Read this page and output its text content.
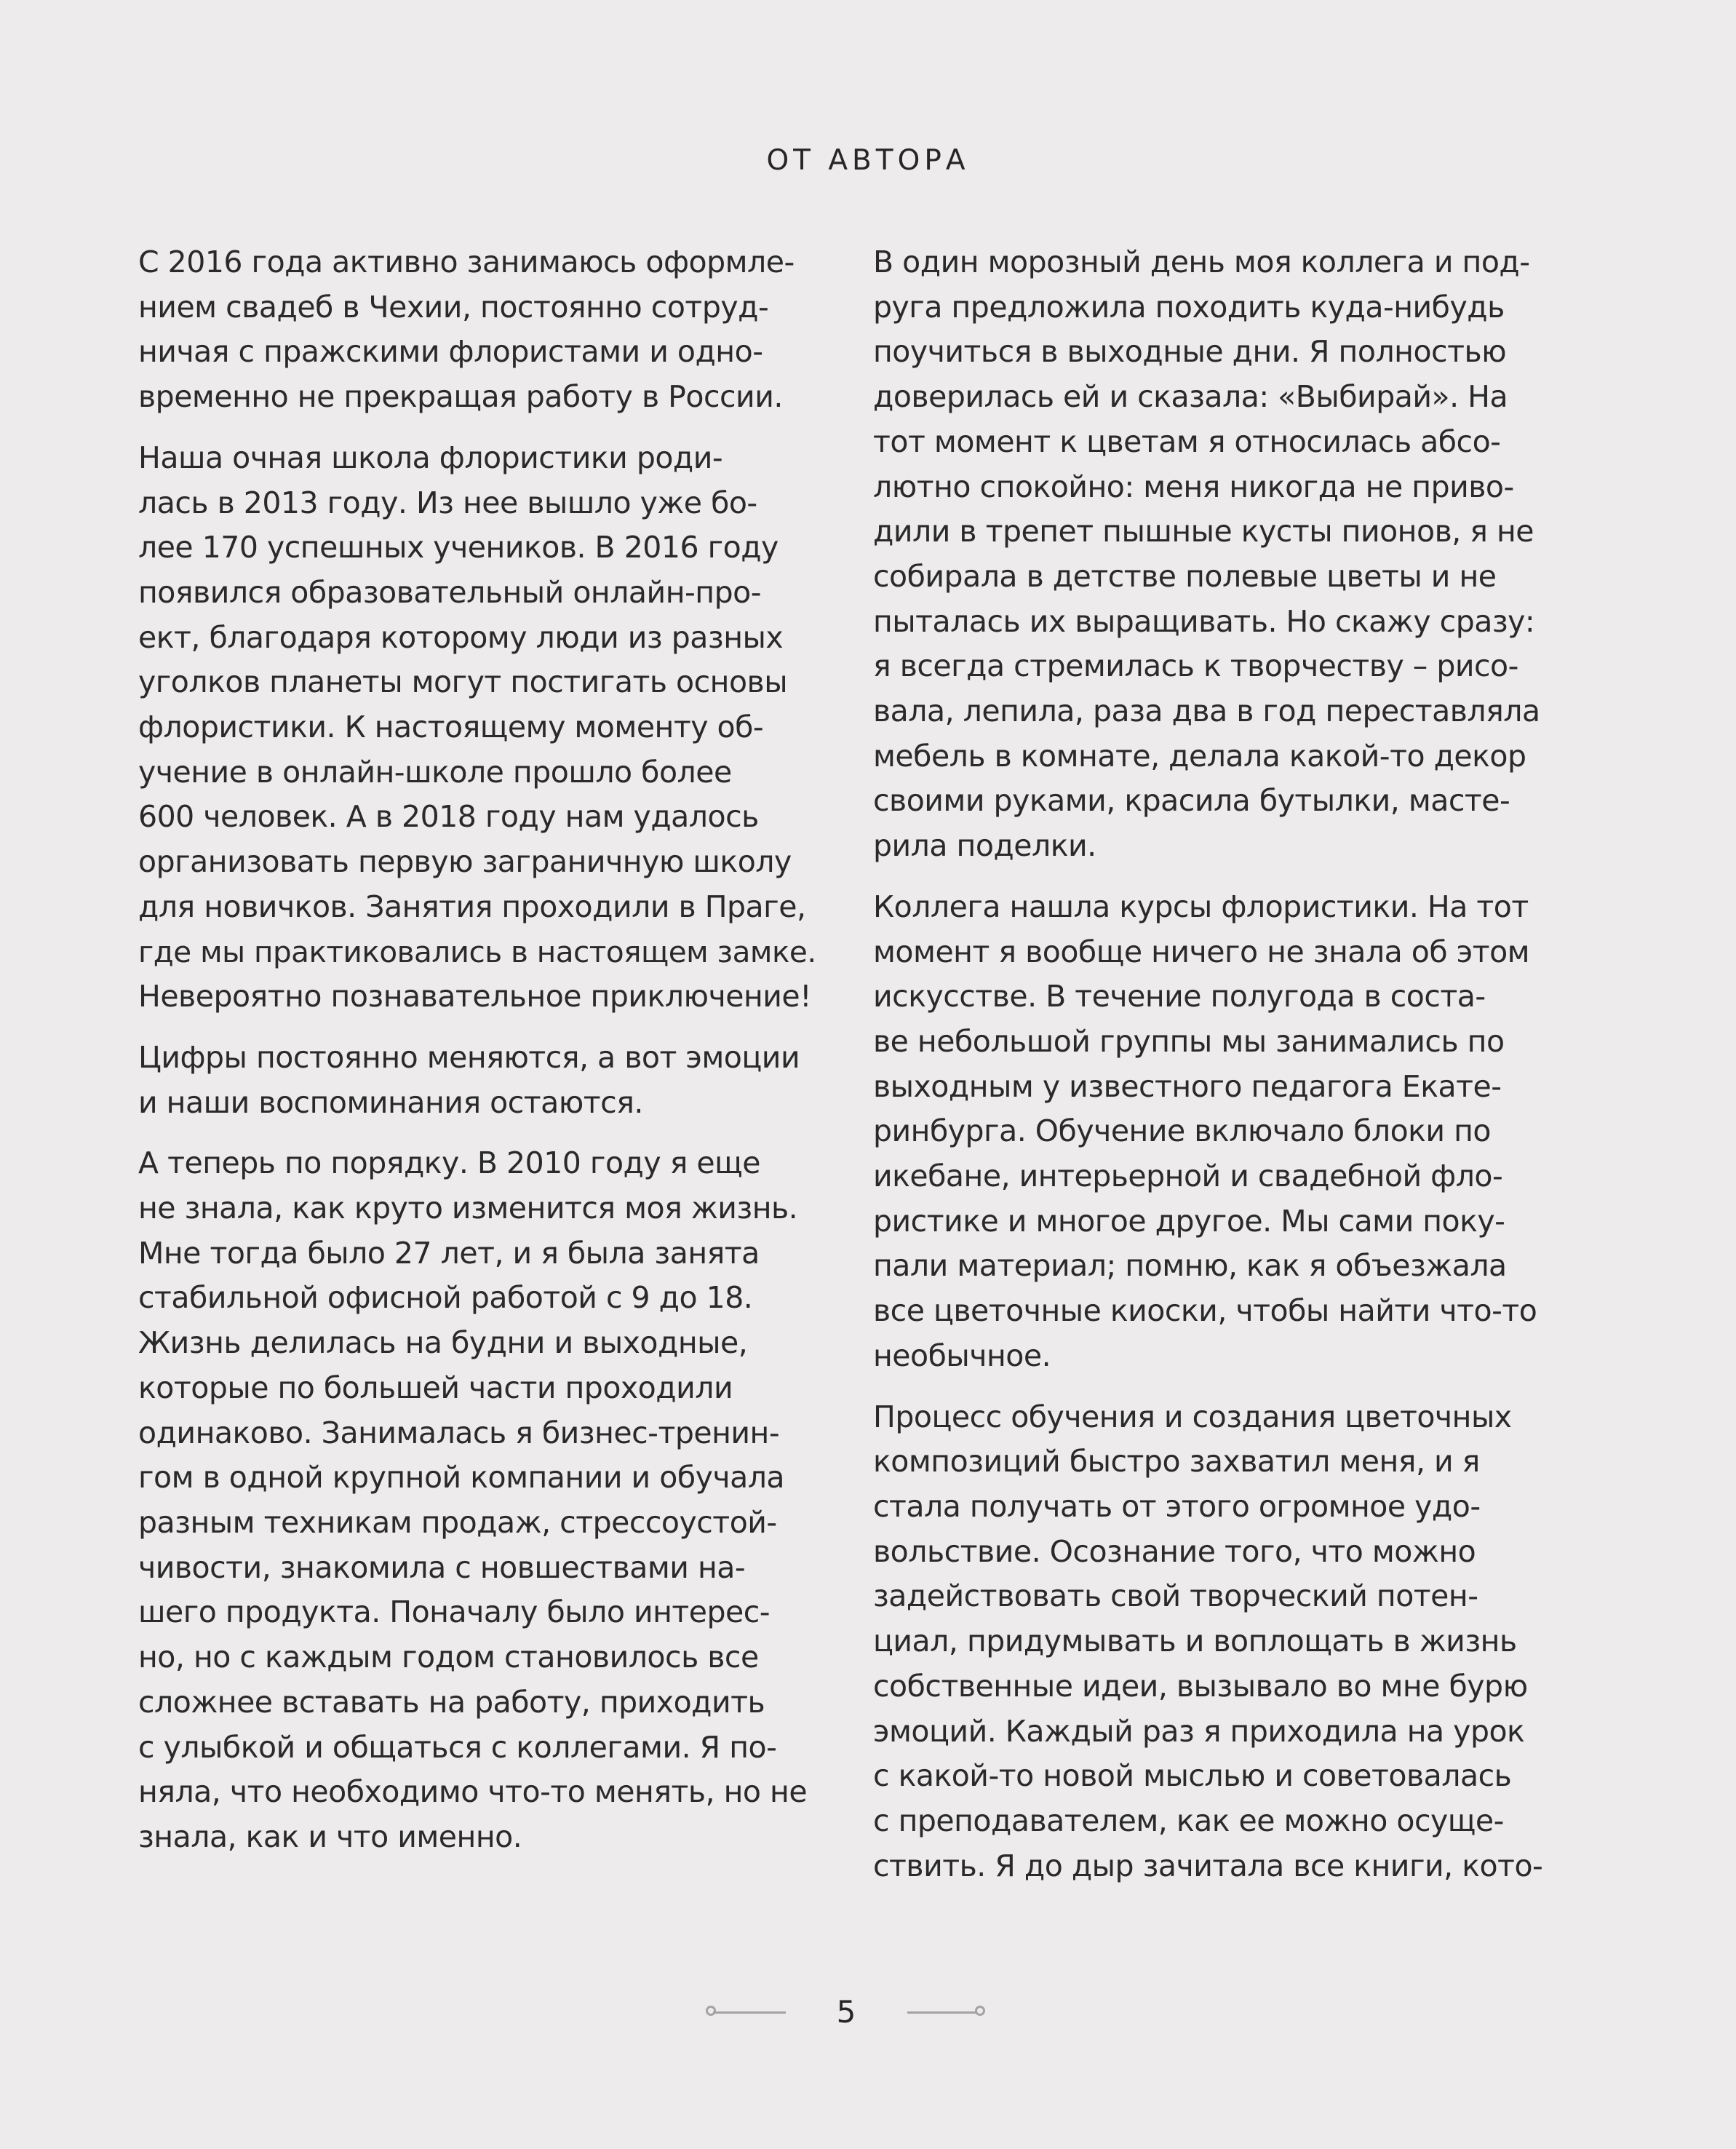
ОТ АВТОРА
С 2016 года активно занимаюсь оформле-
нием свадеб в Чехии, постоянно сотруд-
ничая с пражскими флористами и одно-
временно не прекращая работу в России.
Наша очная школа флористики роди-
лась в 2013 году. Из нее вышло уже бо-
лее 170 успешных учеников. В 2016 году
появился образовательный онлайн-про-
ект, благодаря которому люди из разных
уголков планеты могут постигать основы
флористики. К настоящему моменту об-
учение в онлайн-школе прошло более
600 человек. А в 2018 году нам удалось
организовать первую заграничную школу
для новичков. Занятия проходили в Праге,
где мы практиковались в настоящем замке.
Невероятно познавательное приключение!
Цифры постоянно меняются, а вот эмоции
и наши воспоминания остаются.
А теперь по порядку. В 2010 году я еще
не знала, как круто изменится моя жизнь.
Мне тогда было 27 лет, и я была занята
стабильной офисной работой с 9 до 18.
Жизнь делилась на будни и выходные,
которые по большей части проходили
одинаково. Занималась я бизнес-тренин-
гом в одной крупной компании и обучала
разным техникам продаж, стрессоустой-
чивости, знакомила с новшествами на-
шего продукта. Поначалу было интерес-
но, но с каждым годом становилось все
сложнее вставать на работу, приходить
с улыбкой и общаться с коллегами. Я по-
няла, что необходимо что-то менять, но не
знала, как и что именно.
В один морозный день моя коллега и под-
руга предложила походить куда-нибудь
поучиться в выходные дни. Я полностью
доверилась ей и сказала: «Выбирай». На
тот момент к цветам я относилась абсо-
лютно спокойно: меня никогда не приво-
дили в трепет пышные кусты пионов, я не
собирала в детстве полевые цветы и не
пыталась их выращивать. Но скажу сразу:
я всегда стремилась к творчеству – рисо-
вала, лепила, раза два в год переставляла
мебель в комнате, делала какой-то декор
своими руками, красила бутылки, масте-
рила поделки.
Коллега нашла курсы флористики. На тот
момент я вообще ничего не знала об этом
искусстве. В течение полугода в соста-
ве небольшой группы мы занимались по
выходным у известного педагога Екате-
ринбурга. Обучение включало блоки по
икебане, интерьерной и свадебной фло-
ристике и многое другое. Мы сами поку-
пали материал; помню, как я объезжала
все цветочные киоски, чтобы найти что-то
необычное.
Процесс обучения и создания цветочных
композиций быстро захватил меня, и я
стала получать от этого огромное удо-
вольствие. Осознание того, что можно
задействовать свой творческий потен-
циал, придумывать и воплощать в жизнь
собственные идеи, вызывало во мне бурю
эмоций. Каждый раз я приходила на урок
с какой-то новой мыслью и советовалась
с преподавателем, как ее можно осуще-
ствить. Я до дыр зачитала все книги, кото-
5
